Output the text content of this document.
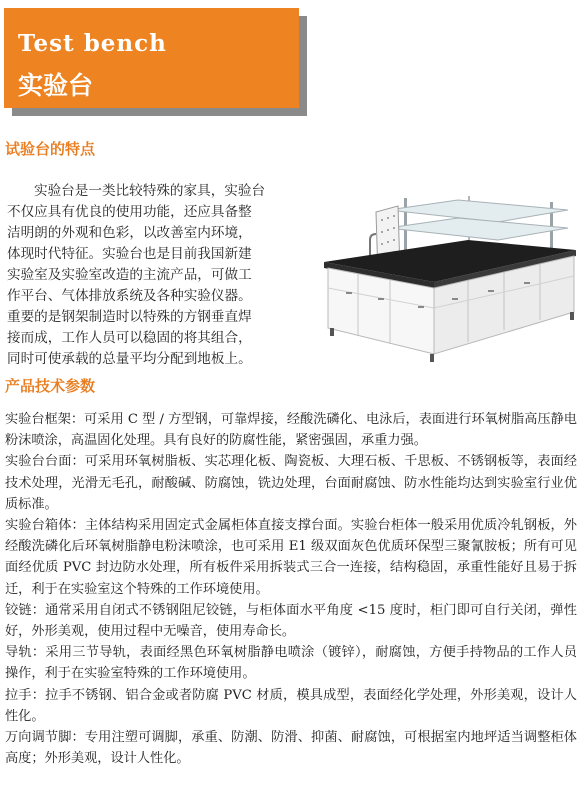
Test bench
实验台
试验台的特点

实验台是一类比较特殊的家具，实验台
不仅应具有优良的使用功能，还应具备整
洁明朗的外观和色彩，以改善室内环境，
体现时代特征。实验台也是目前我国新建
实验室及实验室改造的主流产品，可做工
作平台、气体排放系统及各种实验仪器。
重要的是钢架制造时以特殊的方钢垂直焊
接而成，工作人员可以稳固的将其组合，
同时可使承载的总量平均分配到地板上。

产品技术参数

实验台框架：可采用 C 型 / 方型钢，可靠焊接，经酸洗磷化、电泳后，表面进行环氧树脂高压静电粉沫喷涂，高温固化处理。具有良好的防腐性能，紧密强固，承重力强。

实验台台面：可采用环氧树脂板、实芯理化板、陶瓷板、大理石板、千思板、不锈钢板等，表面经技术处理，光滑无毛孔，耐酸碱、防腐蚀，铣边处理，台面耐腐蚀、防水性能均达到实验室行业优质标准。

实验台箱体：主体结构采用固定式金属柜体直接支撑台面。实验台柜体一般采用优质冷轧钢板，外经酸洗磷化后环氧树脂静电粉沫喷涂，也可采用 E1 级双面灰色优质环保型三聚氰胺板；所有可见面经优质 PVC 封边防水处理，所有板件采用拆装式三合一连接，结构稳固，承重性能好且易于拆迁，利于在实验室这个特殊的工作环境使用。

铰链：通常采用自闭式不锈钢阻尼铰链，与柜体面水平角度 <15 度时，柜门即可自行关闭，弹性好，外形美观，使用过程中无噪音，使用寿命长。

导轨：采用三节导轨，表面经黑色环氧树脂静电喷涂（镀锌），耐腐蚀，方便手持物品的工作人员操作，利于在实验室特殊的工作环境使用。

拉手：拉手不锈钢、铝合金或者防腐 PVC 材质，模具成型，表面经化学处理，外形美观，设计人性化。

万向调节脚：专用注塑可调脚，承重、防潮、防滑、抑菌、耐腐蚀，可根据室内地坪适当调整柜体高度；外形美观，设计人性化。
